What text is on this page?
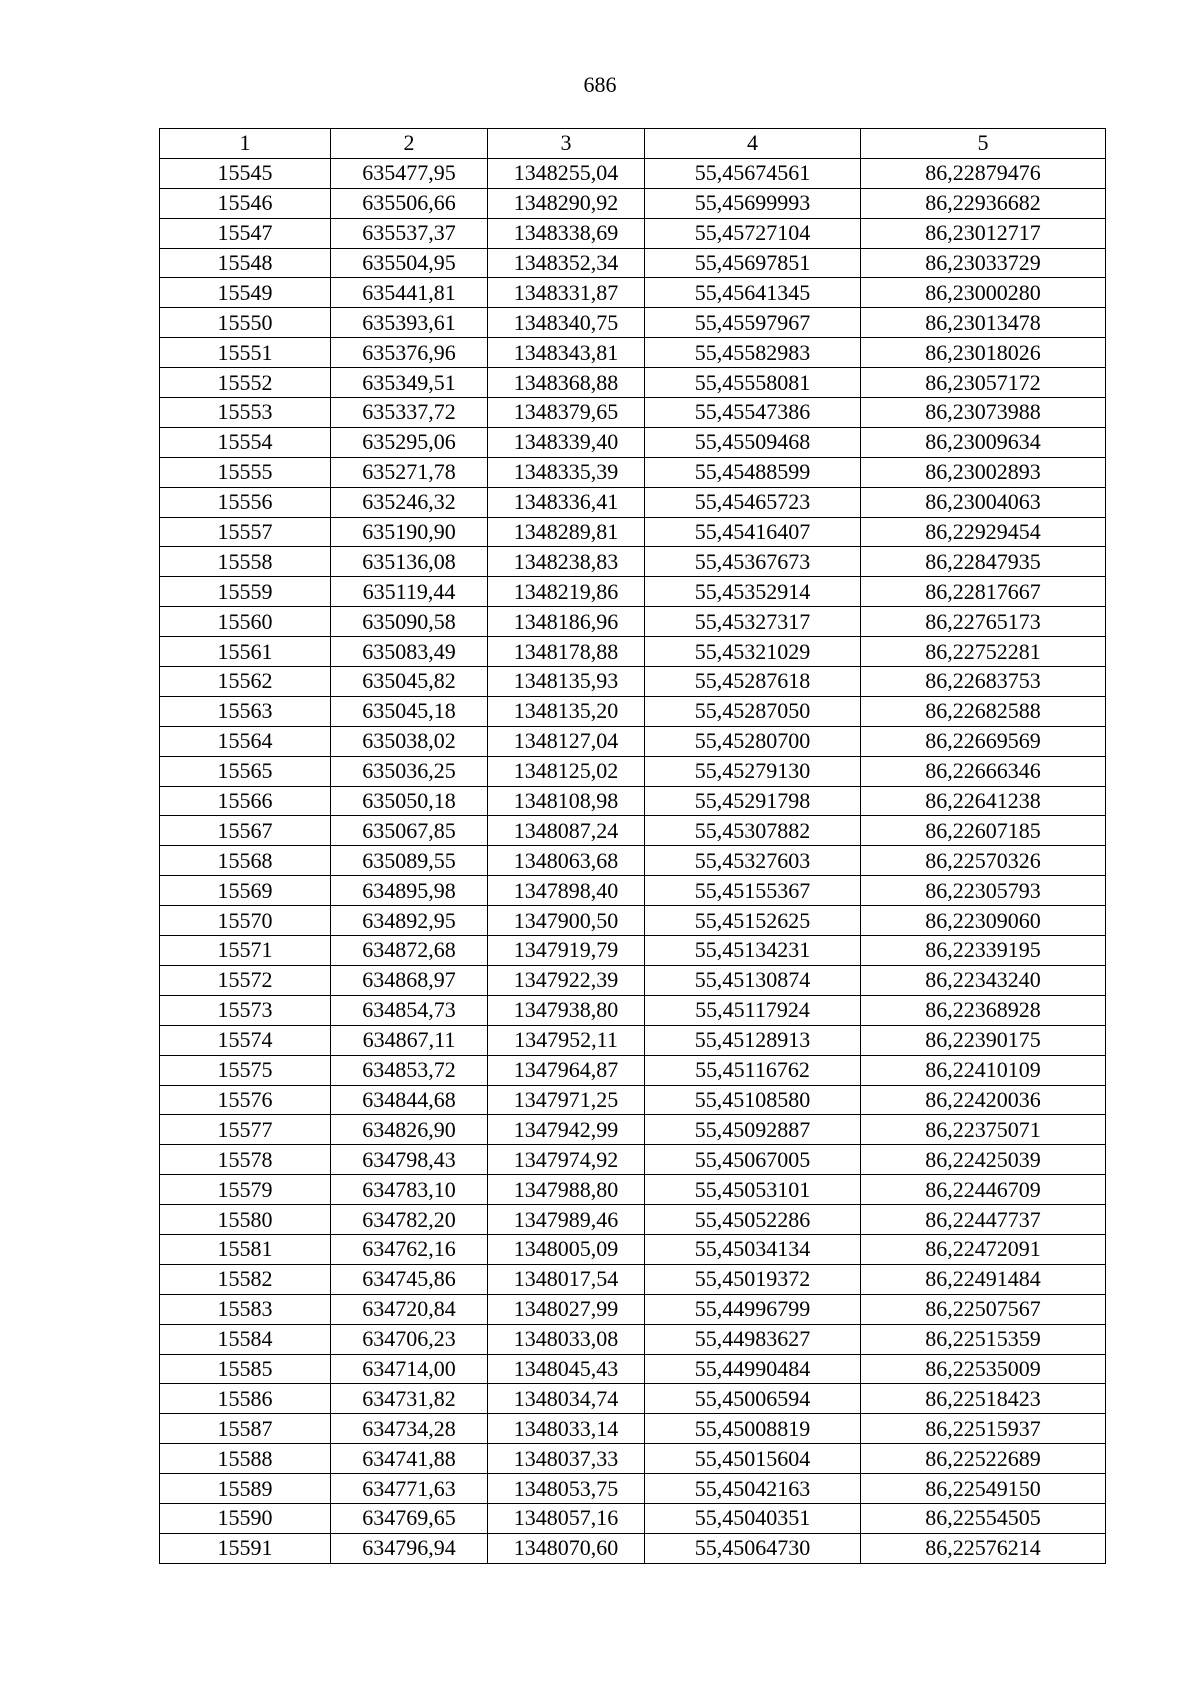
686
1	2	3	4	5
15545	635477,95	1348255,04	55,45674561	86,22879476
15546	635506,66	1348290,92	55,45699993	86,22936682
15547	635537,37	1348338,69	55,45727104	86,23012717
15548	635504,95	1348352,34	55,45697851	86,23033729
15549	635441,81	1348331,87	55,45641345	86,23000280
15550	635393,61	1348340,75	55,45597967	86,23013478
15551	635376,96	1348343,81	55,45582983	86,23018026
15552	635349,51	1348368,88	55,45558081	86,23057172
15553	635337,72	1348379,65	55,45547386	86,23073988
15554	635295,06	1348339,40	55,45509468	86,23009634
15555	635271,78	1348335,39	55,45488599	86,23002893
15556	635246,32	1348336,41	55,45465723	86,23004063
15557	635190,90	1348289,81	55,45416407	86,22929454
15558	635136,08	1348238,83	55,45367673	86,22847935
15559	635119,44	1348219,86	55,45352914	86,22817667
15560	635090,58	1348186,96	55,45327317	86,22765173
15561	635083,49	1348178,88	55,45321029	86,22752281
15562	635045,82	1348135,93	55,45287618	86,22683753
15563	635045,18	1348135,20	55,45287050	86,22682588
15564	635038,02	1348127,04	55,45280700	86,22669569
15565	635036,25	1348125,02	55,45279130	86,22666346
15566	635050,18	1348108,98	55,45291798	86,22641238
15567	635067,85	1348087,24	55,45307882	86,22607185
15568	635089,55	1348063,68	55,45327603	86,22570326
15569	634895,98	1347898,40	55,45155367	86,22305793
15570	634892,95	1347900,50	55,45152625	86,22309060
15571	634872,68	1347919,79	55,45134231	86,22339195
15572	634868,97	1347922,39	55,45130874	86,22343240
15573	634854,73	1347938,80	55,45117924	86,22368928
15574	634867,11	1347952,11	55,45128913	86,22390175
15575	634853,72	1347964,87	55,45116762	86,22410109
15576	634844,68	1347971,25	55,45108580	86,22420036
15577	634826,90	1347942,99	55,45092887	86,22375071
15578	634798,43	1347974,92	55,45067005	86,22425039
15579	634783,10	1347988,80	55,45053101	86,22446709
15580	634782,20	1347989,46	55,45052286	86,22447737
15581	634762,16	1348005,09	55,45034134	86,22472091
15582	634745,86	1348017,54	55,45019372	86,22491484
15583	634720,84	1348027,99	55,44996799	86,22507567
15584	634706,23	1348033,08	55,44983627	86,22515359
15585	634714,00	1348045,43	55,44990484	86,22535009
15586	634731,82	1348034,74	55,45006594	86,22518423
15587	634734,28	1348033,14	55,45008819	86,22515937
15588	634741,88	1348037,33	55,45015604	86,22522689
15589	634771,63	1348053,75	55,45042163	86,22549150
15590	634769,65	1348057,16	55,45040351	86,22554505
15591	634796,94	1348070,60	55,45064730	86,22576214
